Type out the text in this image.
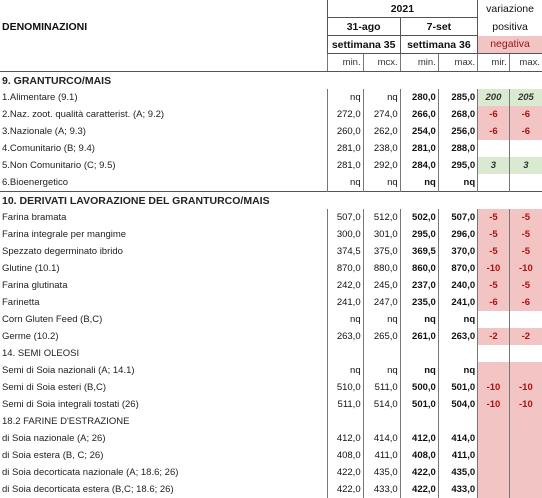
DENOMINAZIONI	2021				variazione	
	31-ago		7-set		positiva	
	settimana 35		settimana 36		negativa	
	min.	mcx.	min.	max.	mir.	max.
9. GRANTURCO/MAIS						
1.Alimentare (9.1)	nq	nq	280,0	285,0	200	205
2.Naz. zoot. qualità caratterist. (A; 9.2)	272,0	274,0	266,0	268,0	-6	-6
3.Nazionale (A; 9.3)	260,0	262,0	254,0	256,0	-6	-6
4.Comunitario (B; 9.4)	281,0	238,0	281,0	288,0		
5.Non Comunitario (C; 9.5)	281,0	292,0	284,0	295,0	3	3
6.Bioenergetico	nq	nq	nq	nq		
10. DERIVATI LAVORAZIONE DEL GRANTURCO/MAIS						
Farina bramata	507,0	512,0	502,0	507,0	-5	-5
Farina integrale per mangime	300,0	301,0	295,0	296,0	-5	-5
Spezzato degerminato ibrido	374,5	375,0	369,5	370,0	-5	-5
Glutine (10.1)	870,0	880,0	860,0	870,0	-10	-10
Farina glutinata	242,0	245,0	237,0	240,0	-5	-5
Farinetta	241,0	247,0	235,0	241,0	-6	-6
Corn Gluten Feed (B,C)	nq	nq	nq	nq		
Germe (10.2)	263,0	265,0	261,0	263,0	-2	-2
14. SEMI OLEOSI						
Semi di Soia nazionali (A; 14.1)	nq	nq	nq	nq		
Semi di Soia esteri (B,C)	510,0	511,0	500,0	501,0	-10	-10
Semi di Soia integrali tostati (26)	511,0	514,0	501,0	504,0	-10	-10
18.2 FARINE D'ESTRAZIONE						
di Soia nazionale (A; 26)	412,0	414,0	412,0	414,0		
di Soia estera (B, C; 26)	408,0	411,0	408,0	411,0		
di Soia decorticata nazionale (A; 18.6; 26)	422,0	435,0	422,0	435,0		
di Soia decorticata estera (B,C; 18.6; 26)	422,0	433,0	422,0	433,0		
